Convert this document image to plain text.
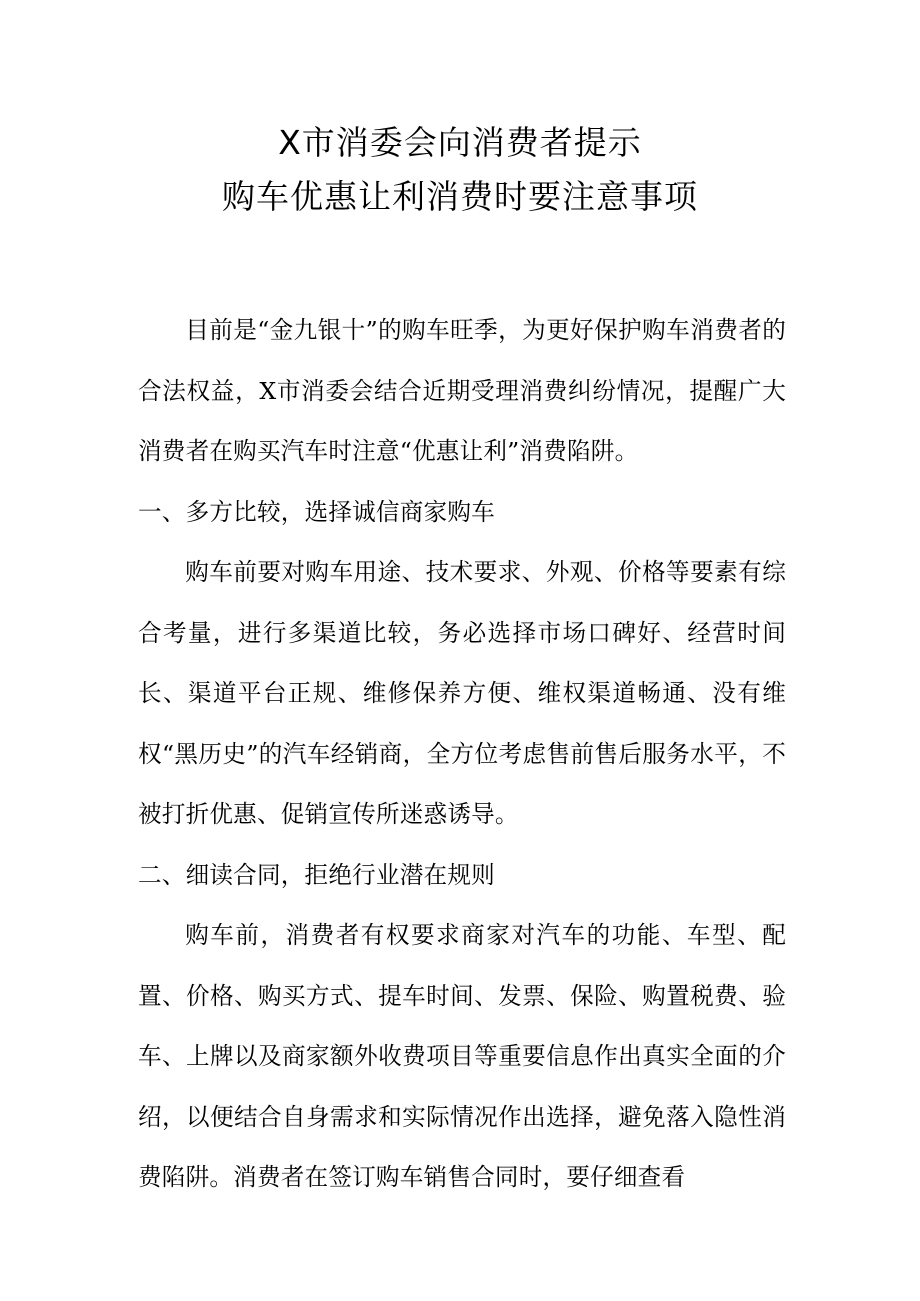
X市消委会向消费者提示
购车优惠让利消费时要注意事项

目前是“金九银十”的购车旺季，为更好保护购车消费者的合法权益，X市消委会结合近期受理消费纠纷情况，提醒广大消费者在购买汽车时注意“优惠让利”消费陷阱。

一、多方比较，选择诚信商家购车

购车前要对购车用途、技术要求、外观、价格等要素有综合考量，进行多渠道比较，务必选择市场口碑好、经营时间长、渠道平台正规、维修保养方便、维权渠道畅通、没有维权“黑历史”的汽车经销商，全方位考虑售前售后服务水平，不被打折优惠、促销宣传所迷惑诱导。

二、细读合同，拒绝行业潜在规则

购车前，消费者有权要求商家对汽车的功能、车型、配置、价格、购买方式、提车时间、发票、保险、购置税费、验车、上牌以及商家额外收费项目等重要信息作出真实全面的介绍，以便结合自身需求和实际情况作出选择，避免落入隐性消费陷阱。消费者在签订购车销售合同时，要仔细查看
